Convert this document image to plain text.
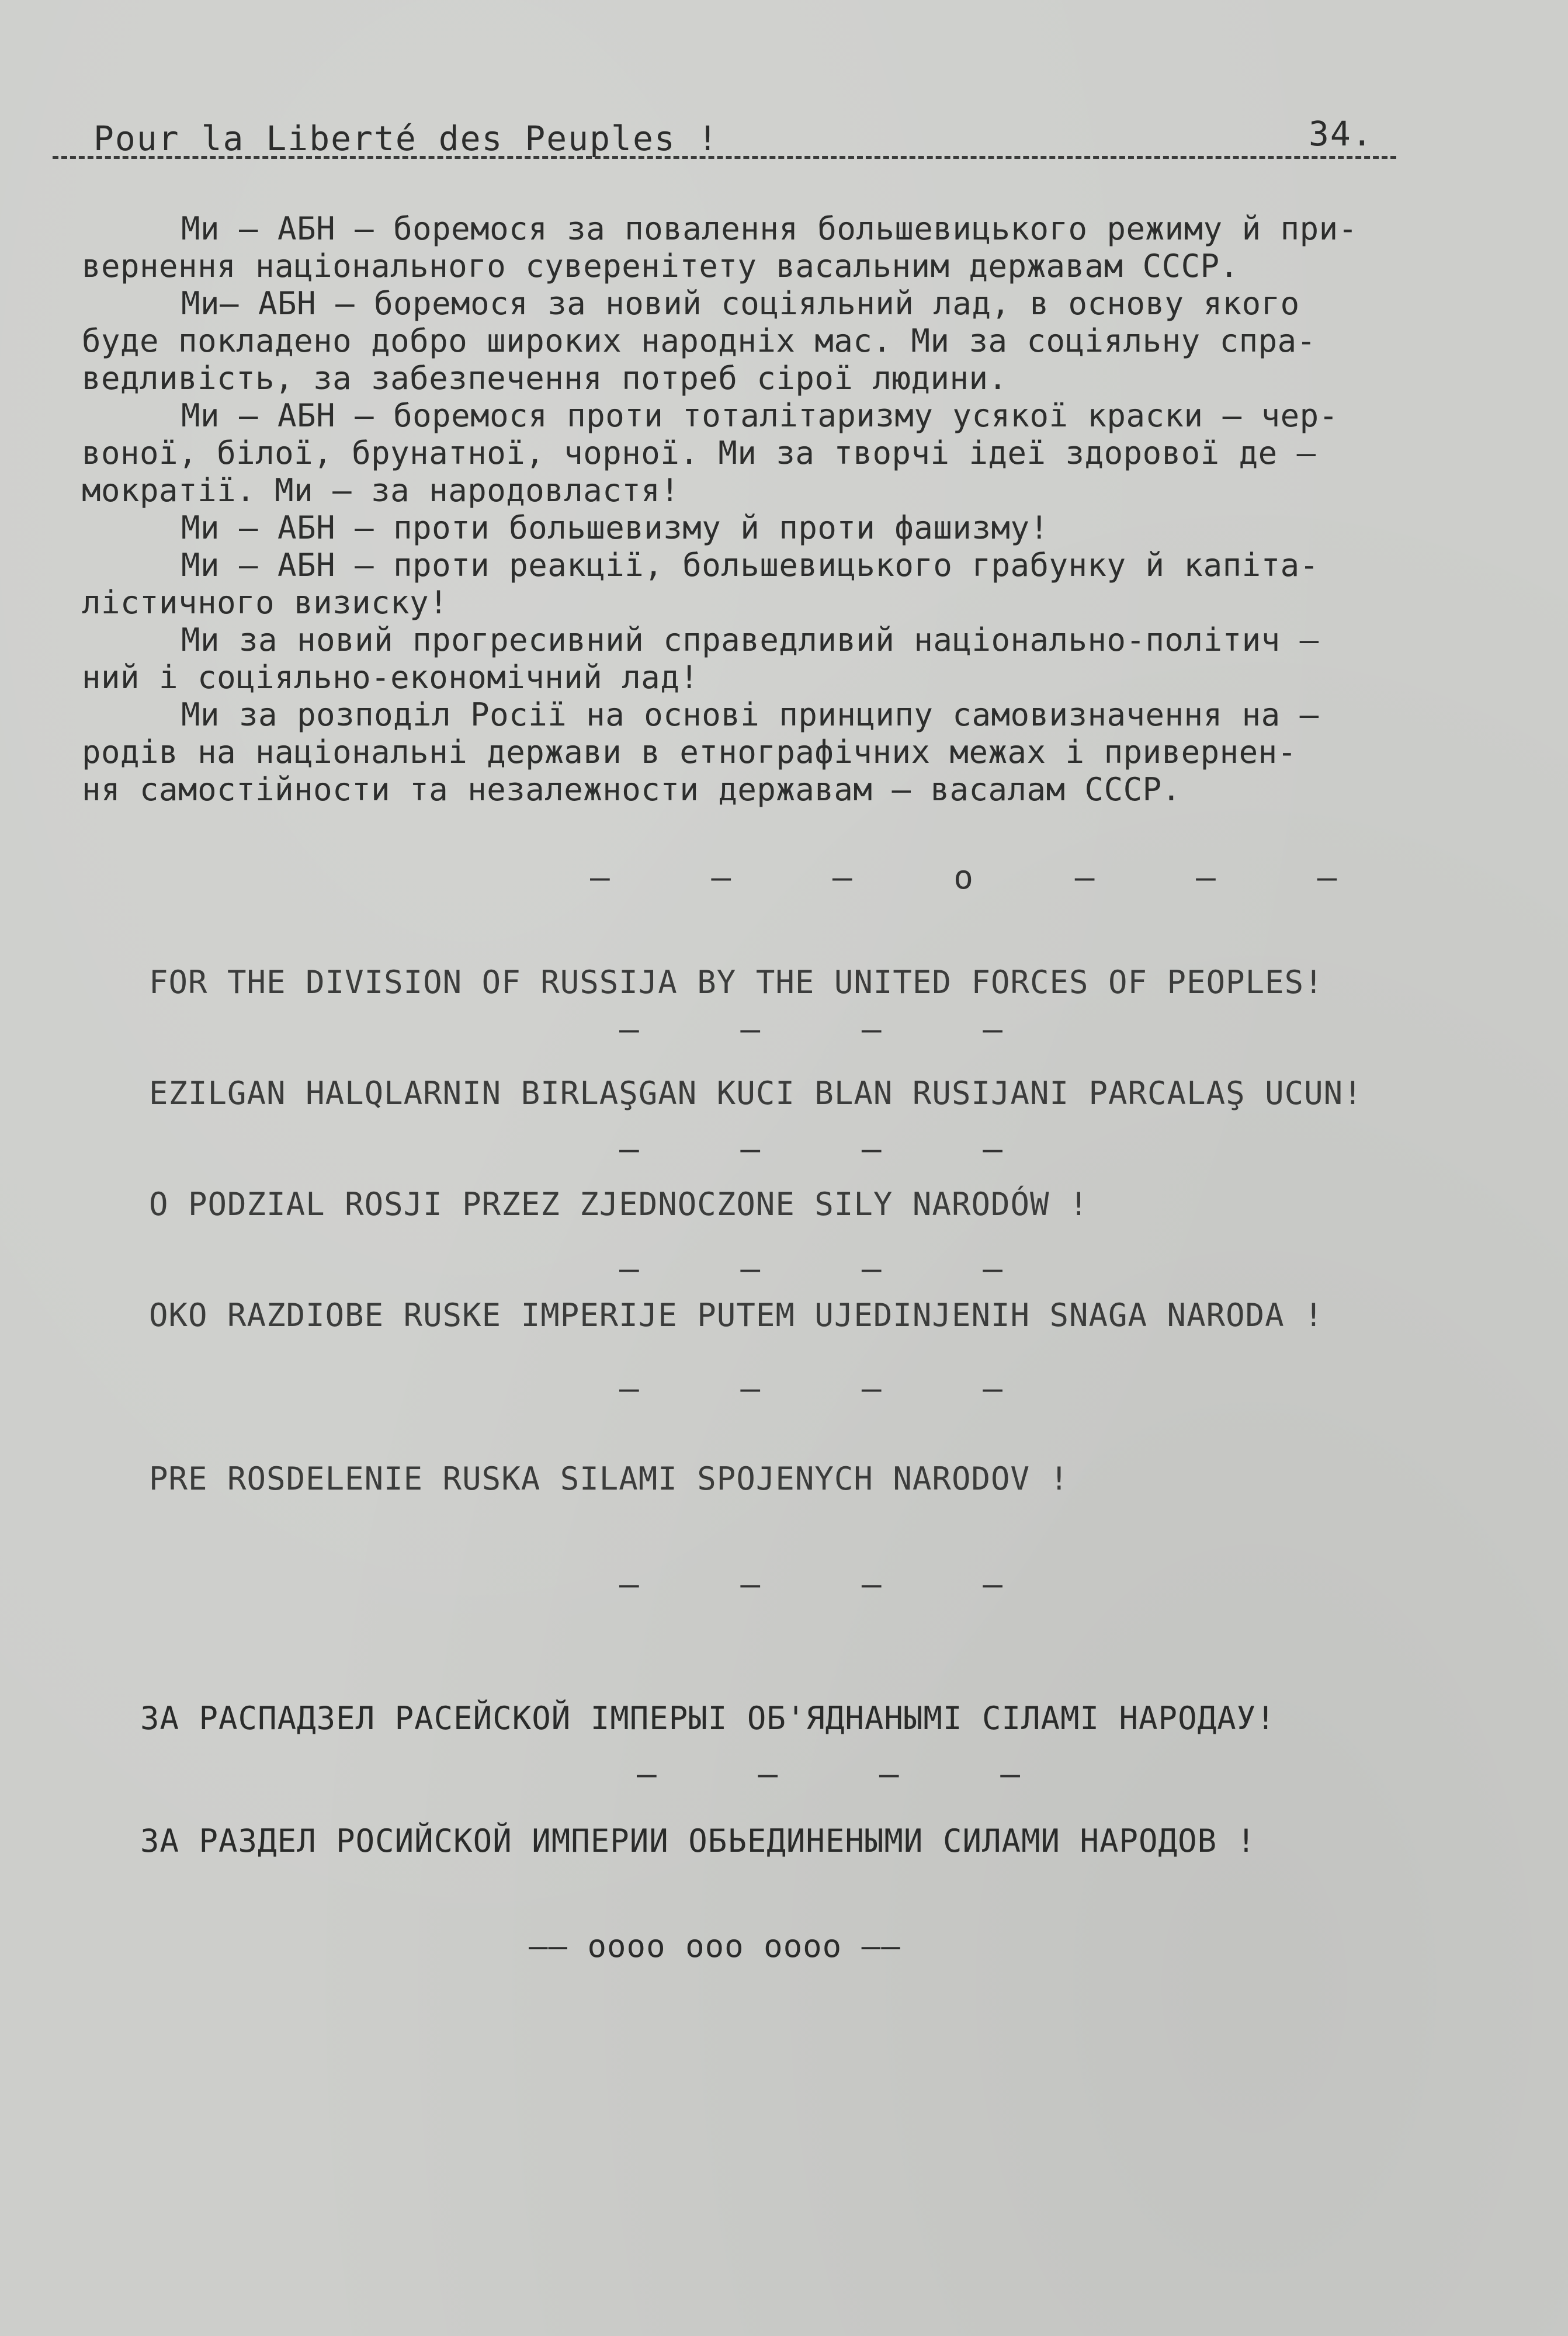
Pour la Liberté des Peuples !	34.

Ми – АБН – боремося за повалення большевицького режиму й при-
вернення національного суверенітету васальним державам СССР.

Ми– АБН – боремося за новий соціяльний лад, в основу якого
буде покладено добро широких народніх мас. Ми за соціяльну спра-
ведливість, за забезпечення потреб сірої людини.

Ми – АБН – боремося проти тоталітаризму усякої краски – чер-
воної, білої, брунатної, чорної. Ми за творчі ідеї здорової де –
мократії. Ми – за народовластя!

Ми – АБН – проти большевизму й проти фашизму!

Ми – АБН – проти реакції, большевицького грабунку й капіта-
лістичного визиску!

Ми за новий прогресивний справедливий національно-політич –
ний і соціяльно-економічний лад!

Ми за розподіл Росії на основі принципу самовизначення на –
родів на національні держави в етнографічних межах і привернен-
ня самостійности та незалежности державам – васалам СССР.

– – – о – – –
FOR THE DIVISION OF RUSSIJA BY THE UNITED FORCES OF PEOPLES!
– – – –
EZILGAN HALQLARNIN BIRLAŞGAN KUCI BLAN RUSIJANI PARCALAŞ UCUN!
– – – –
O PODZIAL ROSJI PRZEZ ZJEDNOCZONE SILY NARODÓW !
– – – –
OKO RAZDIOBE RUSKE IMPERIJE PUTEM UJEDINJENIH SNAGA NARODA !
– – – –
PRE ROSDELENIE RUSKA SILAMI SPOJENYCH NARODOV !
– – – –
ЗА РАСПАДЗЕЛ РАСЕЙСКОЙ ІМПЕРЫІ ОБ'ЯДНАНЫМІ СІЛАМІ НАРОДАУ!
– – – –
ЗА РАЗДЕЛ РОСИЙСКОЙ ИМПЕРИИ ОБЬЕДИНЕНЫМИ СИЛАМИ НАРОДОВ !
–– oooo ooo oooo ––
